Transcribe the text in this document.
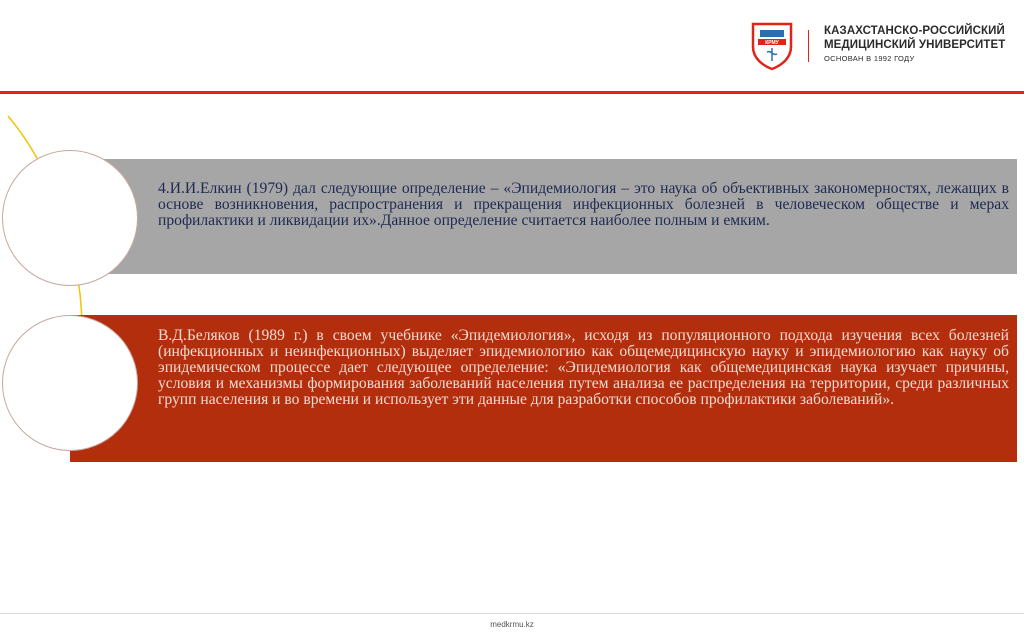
КРМУ
КАЗАХСТАНСКО-РОССИЙСКИЙ
МЕДИЦИНСКИЙ УНИВЕРСИТЕТ
ОСНОВАН В 1992 ГОДУ
4.И.И.Елкин (1979) дал следующие определение – «Эпидемиология – это наука об объективных закономерностях, лежащих в основе возникновения, распространения и прекращения инфекционных болезней в человеческом обществе и мерах профилактики и ликвидации их».Данное определение считается наиболее полным и емким.
В.Д.Беляков (1989 г.) в своем учебнике «Эпидемиология», исходя из популяционного подхода изучения всех болезней (инфекционных и неинфекционных) выделяет эпидемиологию как общемедицинскую науку и эпидемиологию как науку об эпидемическом процессе дает следующее определение: «Эпидемиология как общемедицинская наука изучает причины, условия и механизмы формирования заболеваний населения путем анализа ее распределения на территории, среди различных групп населения и во времени и использует эти данные для разработки способов профилактики заболеваний».
medkrmu.kz
